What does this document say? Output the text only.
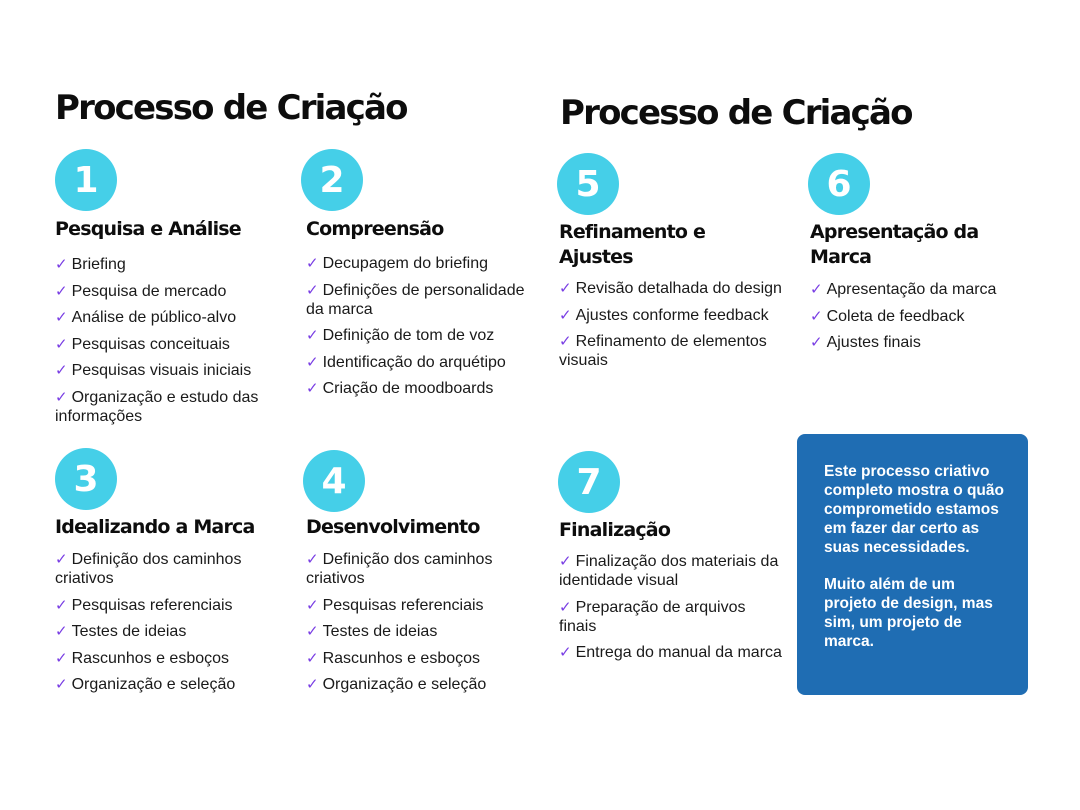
Processo de Criação	Processo de Criação
1
Pesquisa e Análise
✓ Briefing
✓ Pesquisa de mercado
✓ Análise de público-alvo
✓ Pesquisas conceituais
✓ Pesquisas visuais iniciais
✓ Organização e estudo das informações
2
Compreensão
✓ Decupagem do briefing
✓ Definições de personalidade da marca
✓ Definição de tom de voz
✓ Identificação do arquétipo
✓ Criação de moodboards
3
Idealizando a Marca
✓ Definição dos caminhos criativos
✓ Pesquisas referenciais
✓ Testes de ideias
✓ Rascunhos e esboços
✓ Organização e seleção
4
Desenvolvimento
✓ Definição dos caminhos criativos
✓ Pesquisas referenciais
✓ Testes de ideias
✓ Rascunhos e esboços
✓ Organização e seleção
5
Refinamento e Ajustes
✓ Revisão detalhada do design
✓ Ajustes conforme feedback
✓ Refinamento de elementos visuais
6
Apresentação da Marca
✓ Apresentação da marca
✓ Coleta de feedback
✓ Ajustes finais
7
Finalização
✓ Finalização dos materiais da identidade visual
✓ Preparação de arquivos finais
✓ Entrega do manual da marca

Este processo criativo completo mostra o quão comprometido estamos em fazer dar certo as suas necessidades.

Muito além de um projeto de design, mas sim, um projeto de marca.
